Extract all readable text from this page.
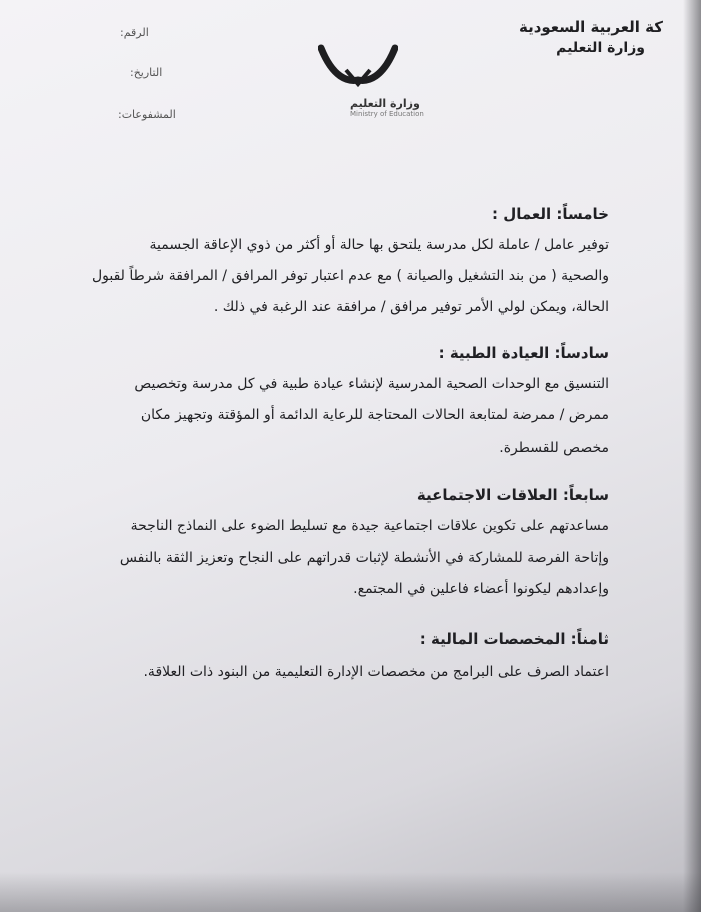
كة العربية السعودية
وزارة التعليم
الرقم:
التاريخ:
المشفوعات:
وزارة التعليم
Ministry of Education
خامساً: العمال :
توفير عامل / عاملة لكل مدرسة يلتحق بها حالة أو أكثر من ذوي الإعاقة الجسمية
والصحية ( من بند التشغيل والصيانة ) مع عدم اعتبار توفر المرافق / المرافقة شرطاً لقبول
الحالة، ويمكن لولي الأمر توفير مرافق / مرافقة عند الرغبة في ذلك .
سادساً: العيادة الطبية :
التنسيق مع الوحدات الصحية المدرسية لإنشاء عيادة طبية في كل مدرسة وتخصيص
ممرض / ممرضة لمتابعة الحالات المحتاجة للرعاية الدائمة أو المؤقتة وتجهيز مكان
مخصص للقسطرة.
سابعاً: العلاقات الاجتماعية
مساعدتهم على تكوين علاقات اجتماعية جيدة مع تسليط الضوء على النماذج الناجحة
وإتاحة الفرصة للمشاركة في الأنشطة لإثبات قدراتهم على النجاح وتعزيز الثقة بالنفس
وإعدادهم ليكونوا أعضاء فاعلين في المجتمع.
ثامناً: المخصصات المالية :
اعتماد الصرف على البرامج من مخصصات الإدارة التعليمية من البنود ذات العلاقة.
